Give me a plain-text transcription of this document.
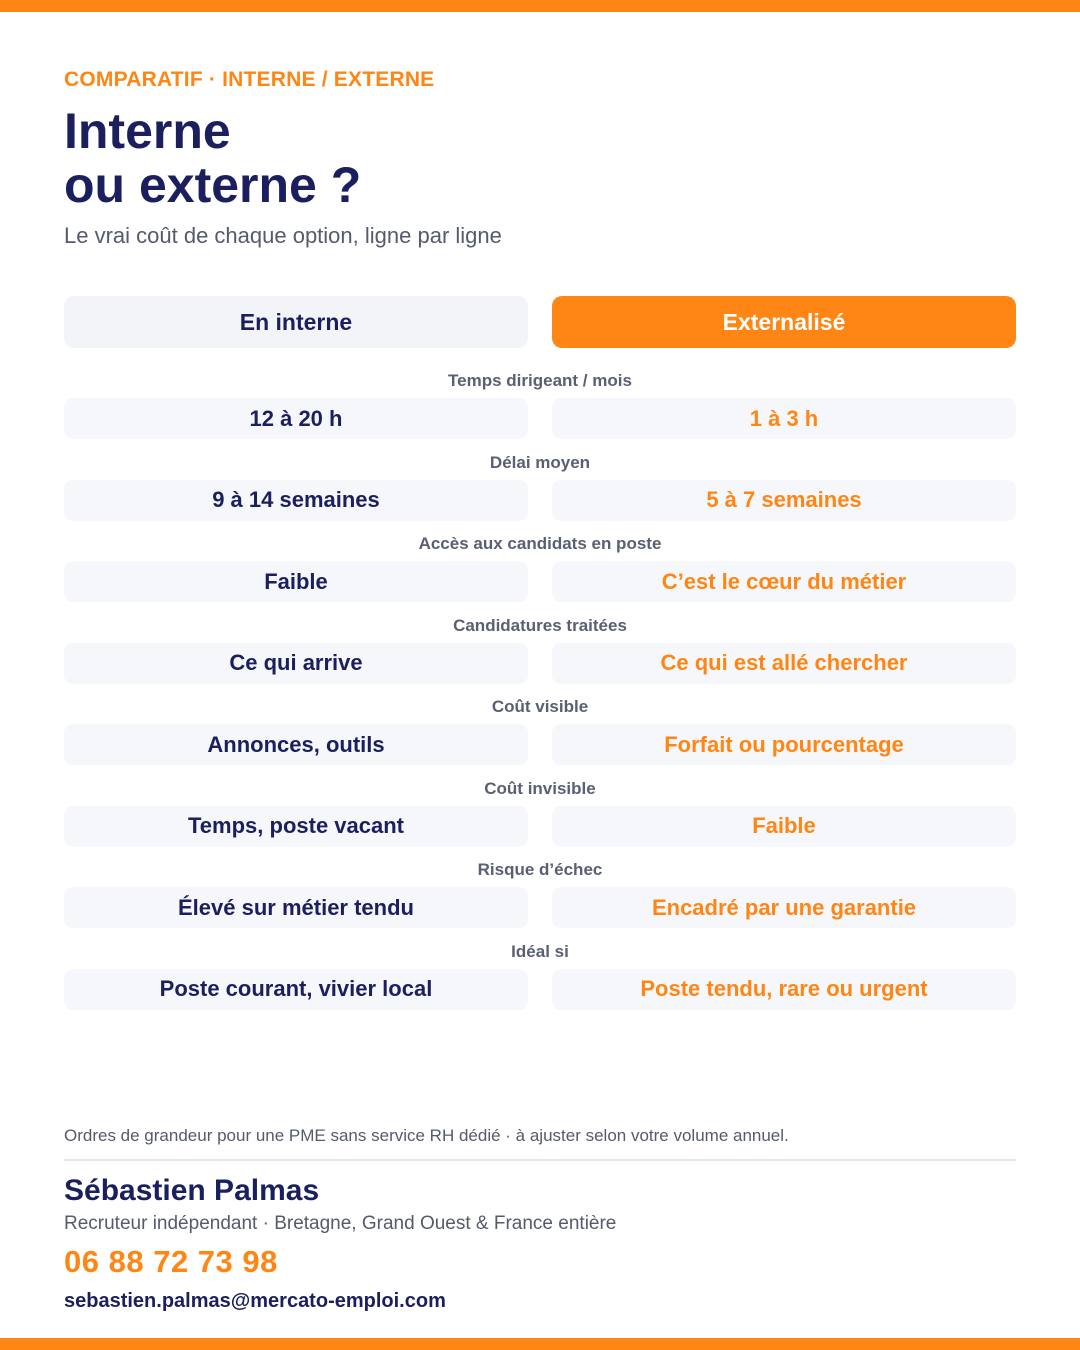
COMPARATIF · INTERNE / EXTERNE
Interne
ou externe ?
Le vrai coût de chaque option, ligne par ligne
En interne	Externalisé
Temps dirigeant / mois
12 à 20 h	1 à 3 h
Délai moyen
9 à 14 semaines	5 à 7 semaines
Accès aux candidats en poste
Faible	C’est le cœur du métier
Candidatures traitées
Ce qui arrive	Ce qui est allé chercher
Coût visible
Annonces, outils	Forfait ou pourcentage
Coût invisible
Temps, poste vacant	Faible
Risque d’échec
Élevé sur métier tendu	Encadré par une garantie
Idéal si
Poste courant, vivier local	Poste tendu, rare ou urgent
Ordres de grandeur pour une PME sans service RH dédié · à ajuster selon votre volume annuel.
Sébastien Palmas
Recruteur indépendant · Bretagne, Grand Ouest & France entière
06 88 72 73 98
sebastien.palmas@mercato-emploi.com
